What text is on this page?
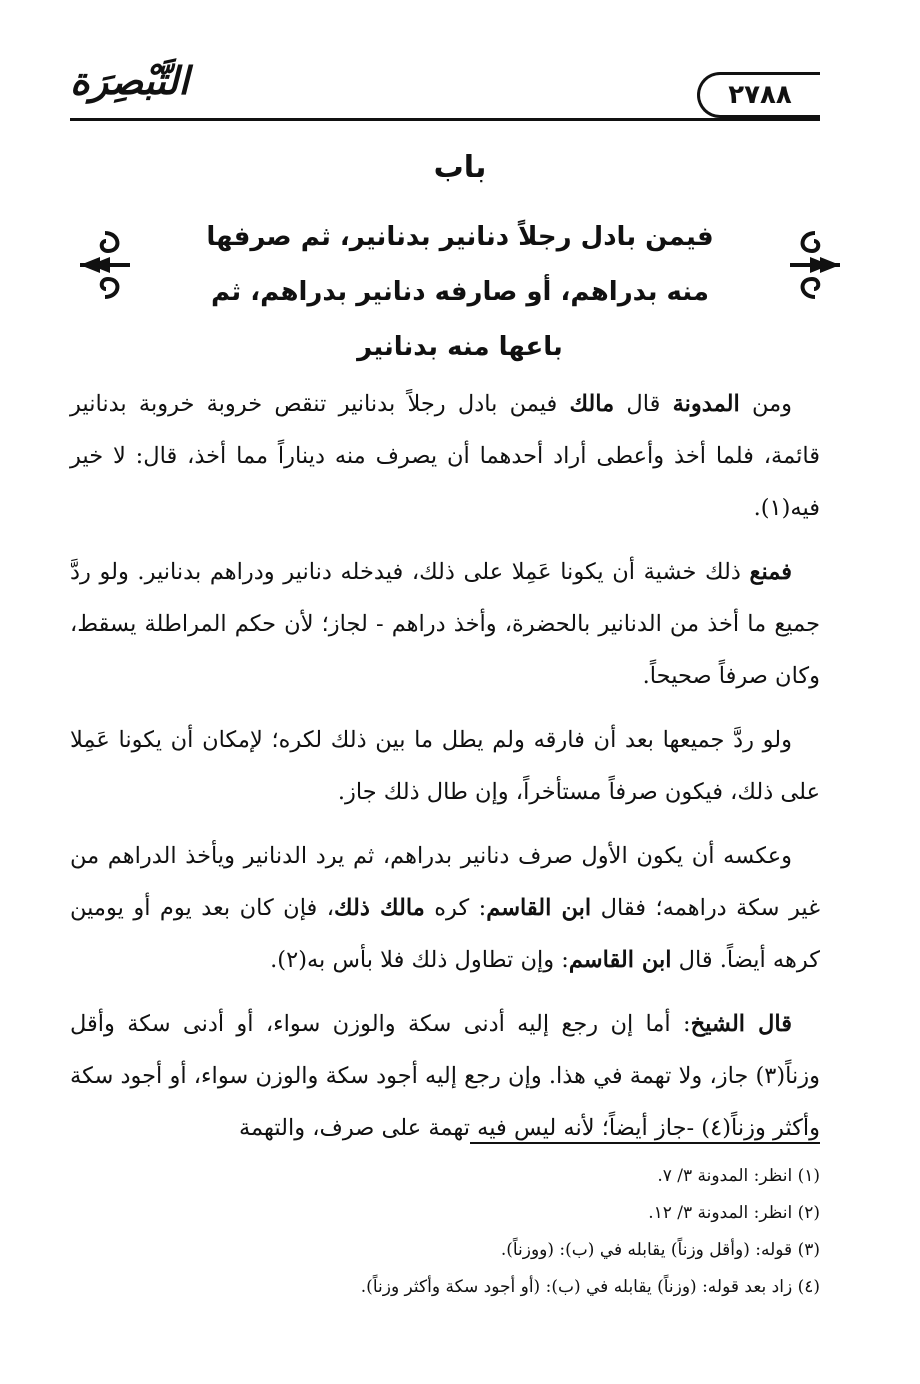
٢٧٨٨
التَّبْصِرَة
باب
فيمن بادل رجلاً دنانير بدنانير، ثم صرفها
منه بدراهم، أو صارفه دنانير بدراهم، ثم
باعها منه بدنانير

ومن المدونة قال مالك فيمن بادل رجلاً بدنانير تنقص خروبة خروبة بدنانير قائمة، فلما أخذ وأعطى أراد أحدهما أن يصرف منه ديناراً مما أخذ، قال: لا خير فيه(١).

فمنع ذلك خشية أن يكونا عَمِلا على ذلك، فيدخله دنانير ودراهم بدنانير. ولو ردَّ جميع ما أخذ من الدنانير بالحضرة، وأخذ دراهم - لجاز؛ لأن حكم المراطلة يسقط، وكان صرفاً صحيحاً.

ولو ردَّ جميعها بعد أن فارقه ولم يطل ما بين ذلك لكره؛ لإمكان أن يكونا عَمِلا على ذلك، فيكون صرفاً مستأخراً، وإن طال ذلك جاز.

وعكسه أن يكون الأول صرف دنانير بدراهم، ثم يرد الدنانير ويأخذ الدراهم من غير سكة دراهمه؛ فقال ابن القاسم: كره مالك ذلك، فإن كان بعد يوم أو يومين كرهه أيضاً. قال ابن القاسم: وإن تطاول ذلك فلا بأس به(٢).

قال الشيخ: أما إن رجع إليه أدنى سكة والوزن سواء، أو أدنى سكة وأقل وزناً(٣) جاز، ولا تهمة في هذا. وإن رجع إليه أجود سكة والوزن سواء، أو أجود سكة وأكثر وزناً(٤) -جاز أيضاً؛ لأنه ليس فيه تهمة على صرف، والتهمة

(١) انظر: المدونة ٣/ ٧.
(٢) انظر: المدونة ٣/ ١٢.
(٣) قوله: (وأقل وزناً) يقابله في (ب): (ووزناً).
(٤) زاد بعد قوله: (وزناً) يقابله في (ب): (أو أجود سكة وأكثر وزناً).
